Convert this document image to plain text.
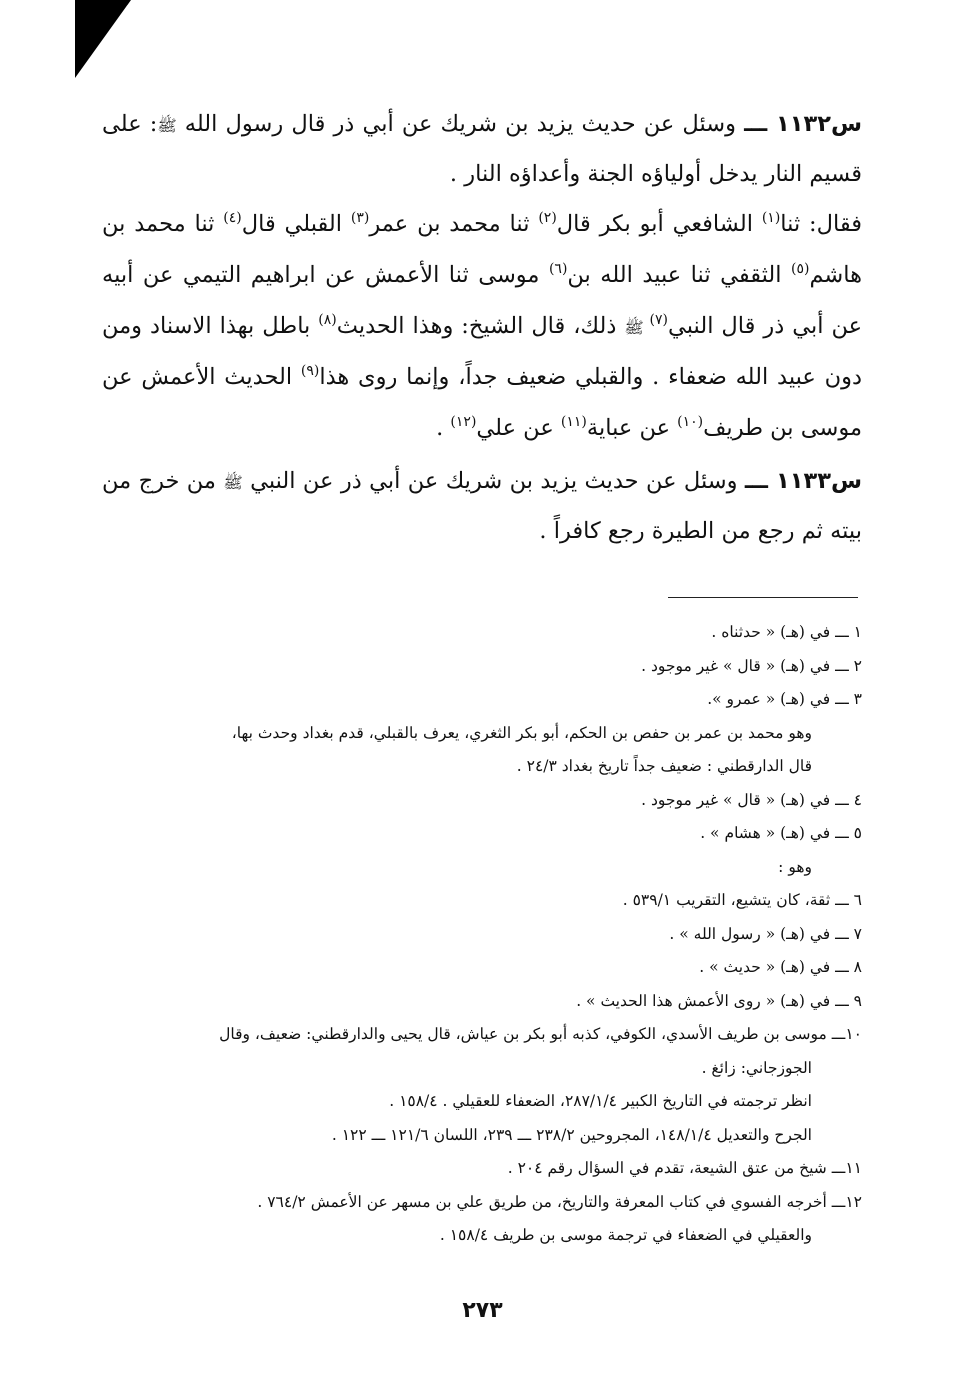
س١١٣٢ ـــ وسئل عن حديث يزيد بن شريك عن أبي ذر قال رسول الله ﷺ: على قسيم النار يدخل أولياؤه الجنة وأعداؤه النار .

فقال: ثنا$^{(١)}$ الشافعي أبو بكر قال$^{(٢)}$ ثنا محمد بن عمر$^{(٣)}$ القبلي قال$^{(٤)}$ ثنا محمد بن هاشم$^{(٥)}$ الثقفي ثنا عبيد الله بن$^{(٦)}$ موسى ثنا الأعمش عن ابراهيم التيمي عن أبيه عن أبي ذر قال النبي$^{(٧)}$ ﷺ ذلك، قال الشيخ: وهذا الحديث$^{(٨)}$ باطل بهذا الاسناد ومن دون عبيد الله ضعفاء . والقبلي ضعيف جداً، وإنما روى هذا$^{(٩)}$ الحديث الأعمش عن موسى بن طريف$^{(١٠)}$ عن عباية$^{(١١)}$ عن علي$^{(١٢)}$ .

س١١٣٣ ـــ وسئل عن حديث يزيد بن شريك عن أبي ذر عن النبي ﷺ من خرج من بيته ثم رجع من الطيرة رجع كافراً .

١ ـــ في (هـ) « حدثناه .

٢ ـــ في (هـ) « قال » غير موجود .

٣ ـــ في (هـ) « عمرو ».

وهو محمد بن عمر بن حفص بن الحكم، أبو بكر الثغري، يعرف بالقبلي، قدم بغداد وحدث بها،

قال الدارقطني : ضعيف جداً تاريخ بغداد ٢٤/٣ .

٤ ـــ في (هـ) « قال » غير موجود .

٥ ـــ في (هـ) « هشام » .

وهو :

٦ ـــ ثقة، كان يتشيع، التقريب ٥٣٩/١ .

٧ ـــ في (هـ) « رسول الله » .

٨ ـــ في (هـ) « حديث » .

٩ ـــ في (هـ) « روى الأعمش هذا الحديث » .

١٠ـــ موسى بن طريف الأسدي، الكوفي، كذبه أبو بكر بن عياش، قال يحيى والدارقطني: ضعيف، وقال

الجوزجاني: زائغ .

انظر ترجمته في التاريخ الكبير ٢٨٧/١/٤، الضعفاء للعقيلي . ١٥٨/٤ .

الجرح والتعديل ١٤٨/١/٤، المجروحين ٢٣٨/٢ ـــ ٢٣٩، اللسان ١٢١/٦ ـــ ١٢٢ .

١١ـــ شيخ من عتق الشيعة، تقدم في السؤال رقم ٢٠٤ .

١٢ـــ أخرجه الفسوي في كتاب المعرفة والتاريخ، من طريق علي بن مسهر عن الأعمش ٧٦٤/٢ .

والعقيلي في الضعفاء في ترجمة موسى بن طريف ١٥٨/٤ .

٢٧٣
